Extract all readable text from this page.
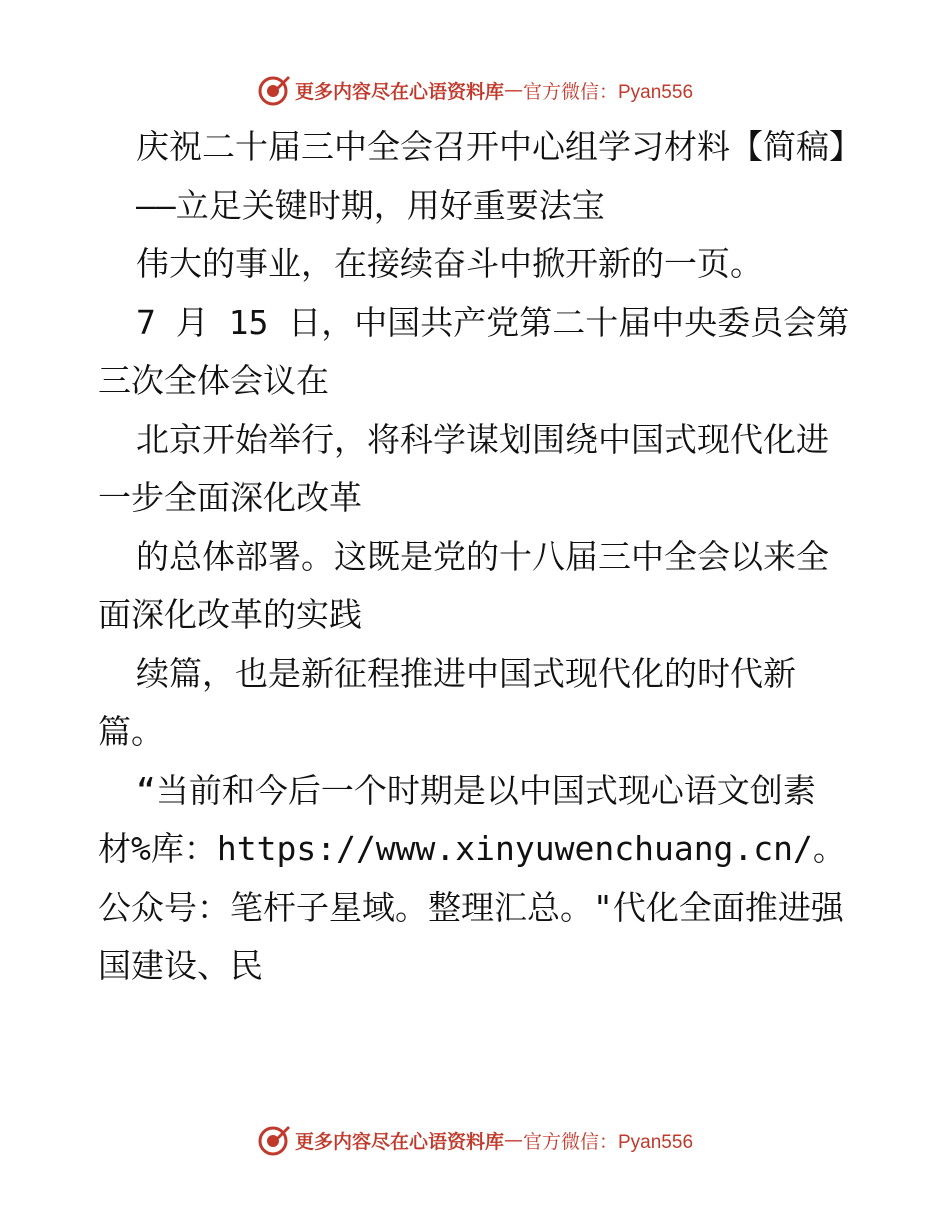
更多内容尽在心语资料库 — 官方微信：Pyan556

庆祝二十届三中全会召开中心组学习材料【简稿】

——立足关键时期，用好重要法宝

伟大的事业，在接续奋斗中掀开新的一页。

7 月 15 日，中国共产党第二十届中央委员会第三次全体会议在

北京开始举行，将科学谋划围绕中国式现代化进一步全面深化改革

的总体部署。这既是党的十八届三中全会以来全面深化改革的实践

续篇，也是新征程推进中国式现代化的时代新篇。

“当前和今后一个时期是以中国式现心语文创素材%库：https://www.xinyuwenchuang.cn/。公众号：笔杆子星域。整理汇总。"代化全面推进强国建设、民

更多内容尽在心语资料库 — 官方微信：Pyan556
